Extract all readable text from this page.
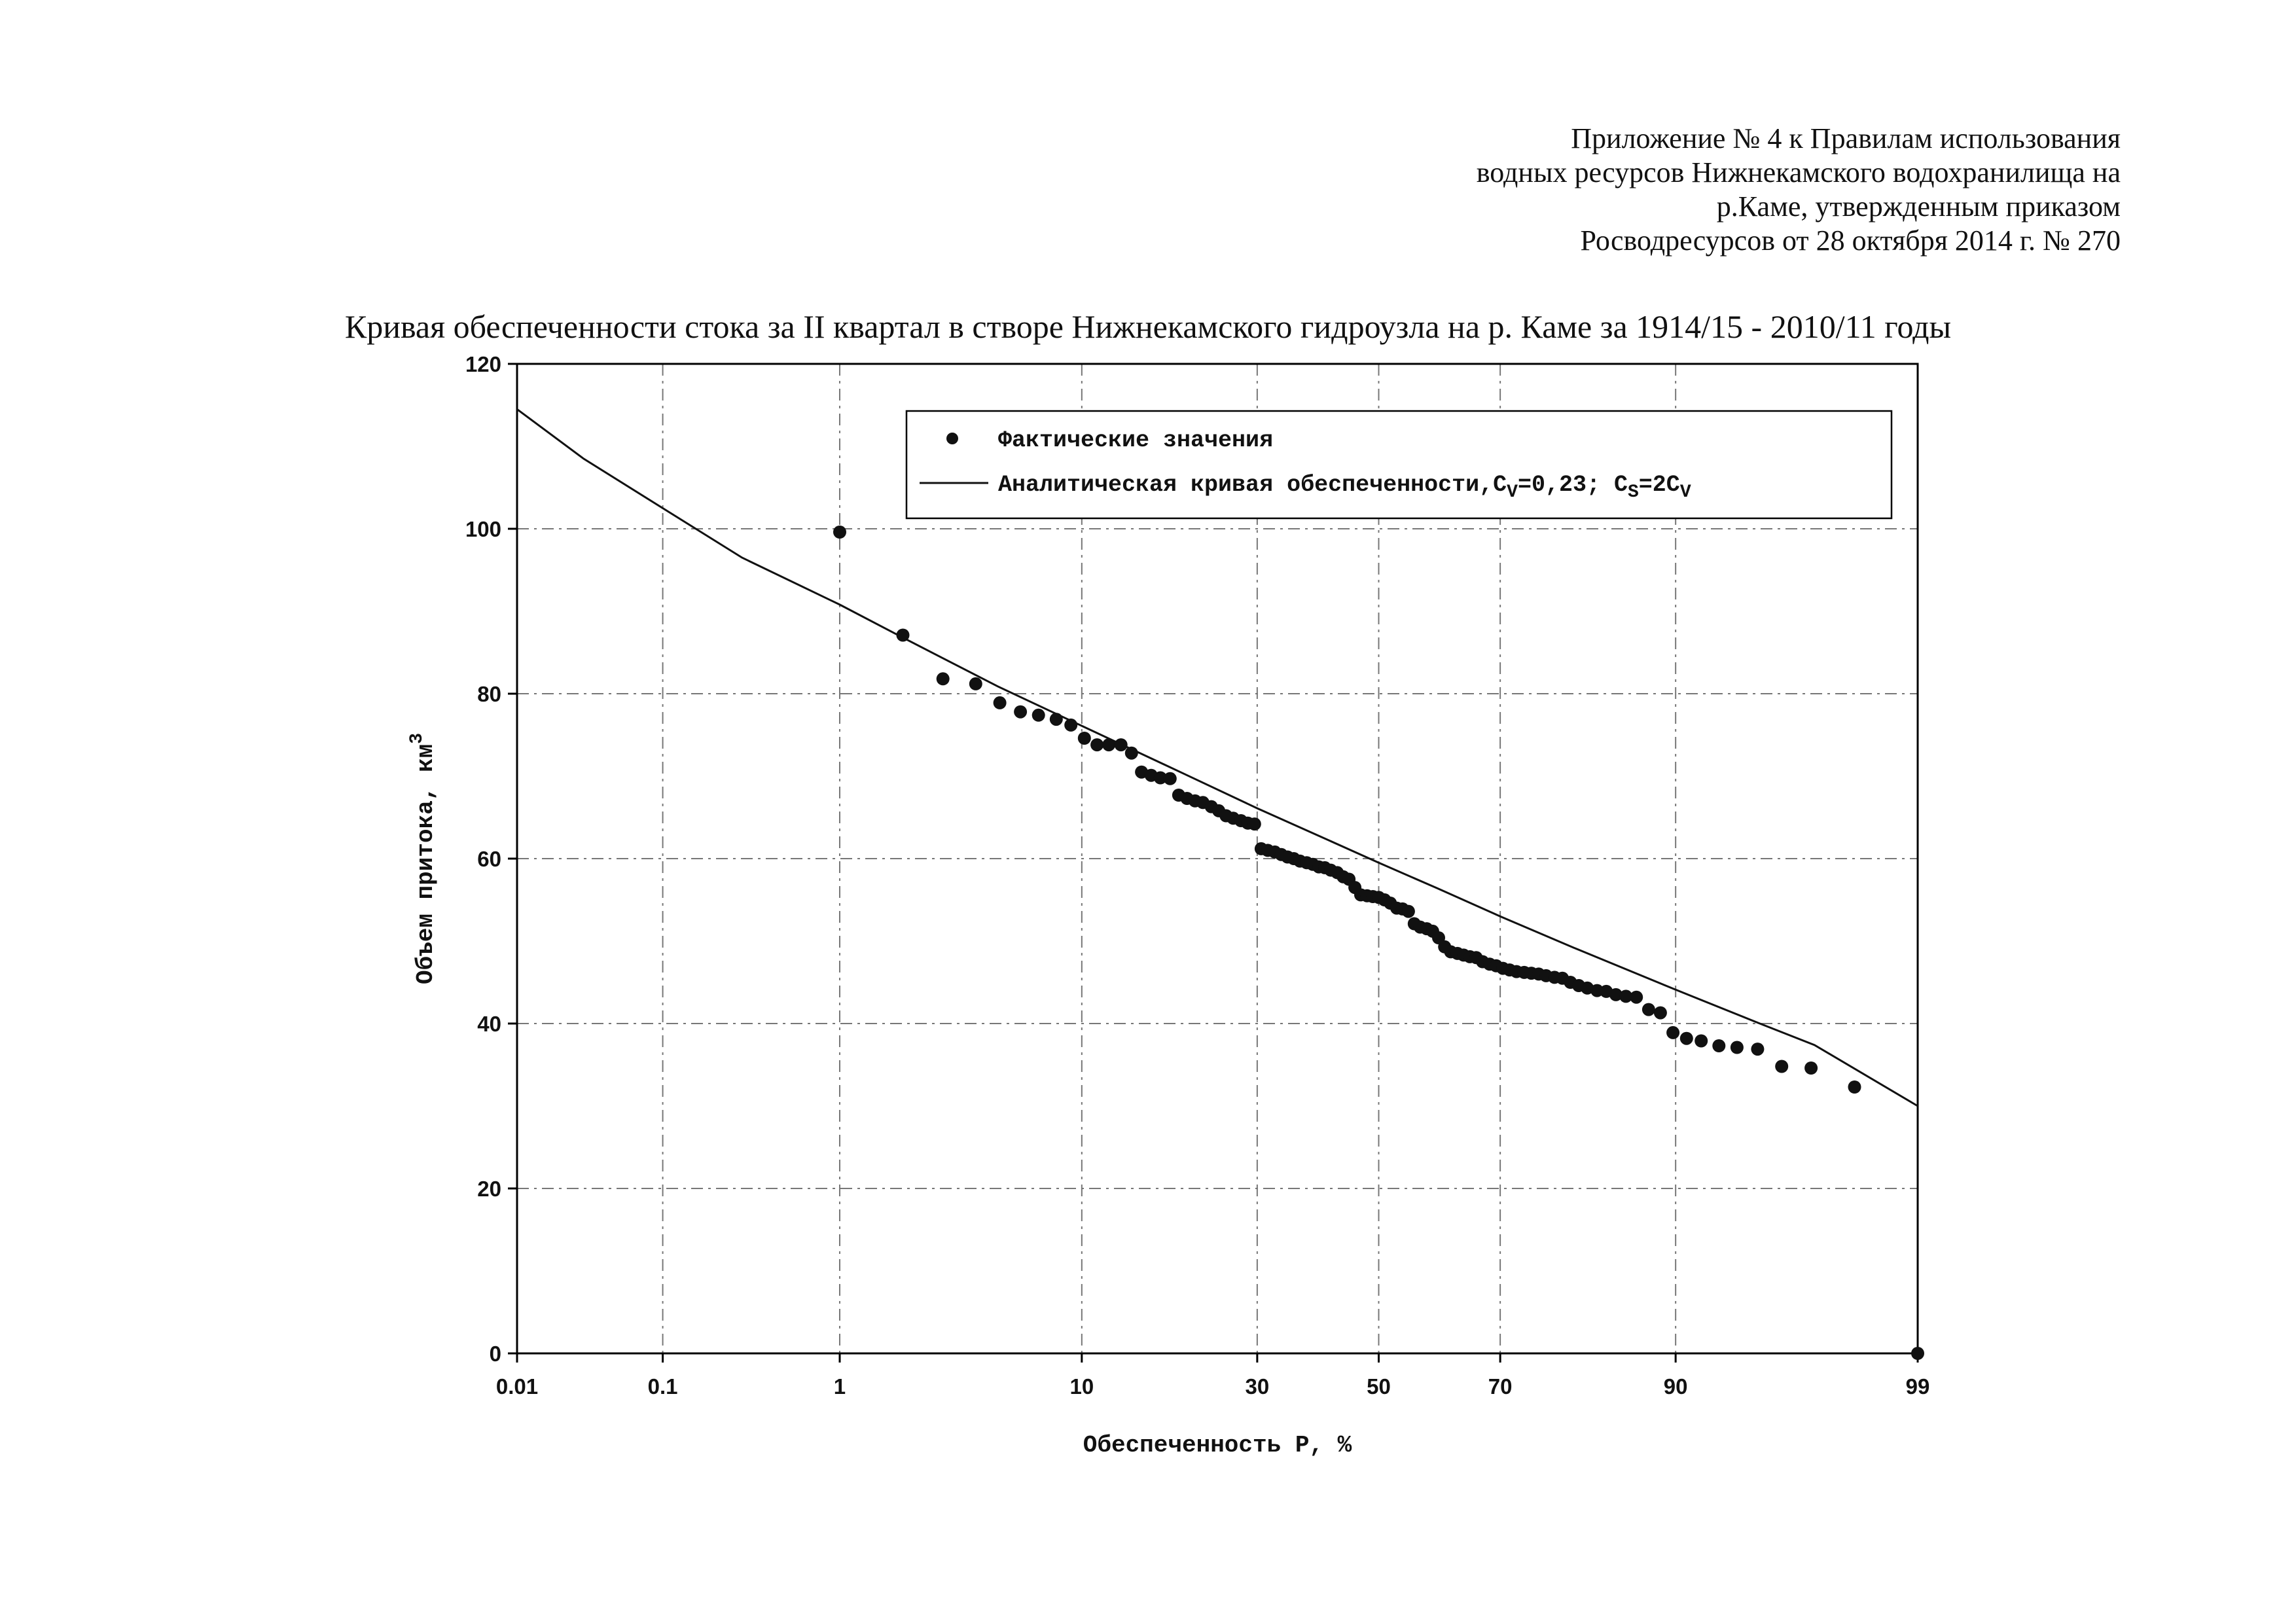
Приложение № 4 к Правилам использования
водных ресурсов Нижнекамского водохранилища на
р.Каме, утвержденным приказом
Росводресурсов от 28 октября 2014 г. № 270
Кривая обеспеченности стока за II квартал в створе Нижнекамского гидроузла на р. Каме за 1914/15 - 2010/11 годы
0.01	0.1	1	10	30	50	70	90	99
0
20
40
60
80
100
120
Обеспеченность P, %
Объем притока, $км^3$
Фактические значения
Аналитическая кривая $обеспеченности,C_V=0,23$; $C_S=2C_V$
